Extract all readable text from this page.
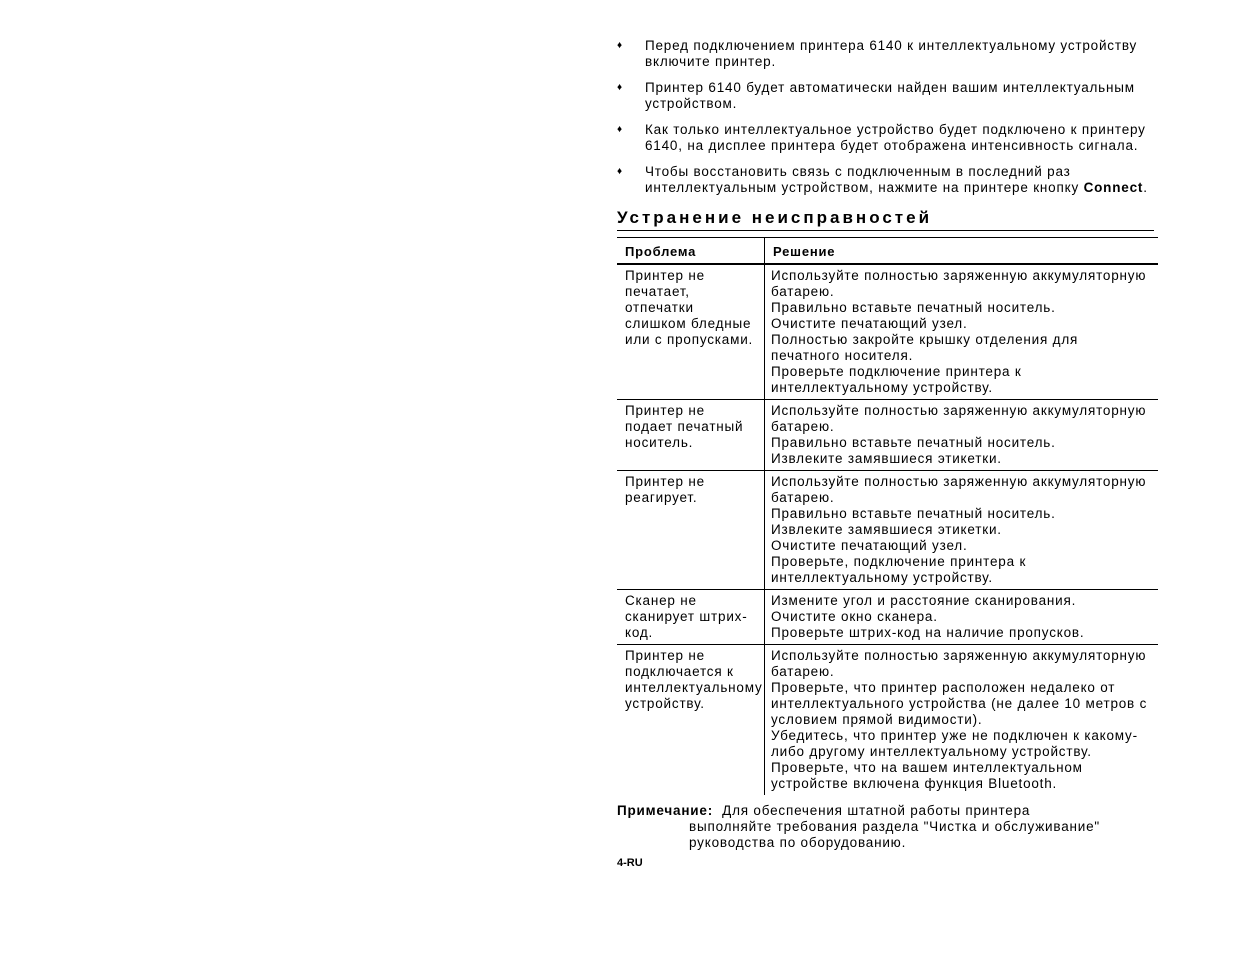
♦ Перед подключением принтера 6140 к интеллектуальному устройству включите принтер.
♦ Принтер 6140 будет автоматически найден вашим интеллектуальным устройством.
♦ Как только интеллектуальное устройство будет подключено к принтеру 6140, на дисплее принтера будет отображена интенсивность сигнала.
♦ Чтобы восстановить связь с подключенным в последний раз интеллектуальным устройством, нажмите на принтере кнопку Connect.
Устранение неисправностей
Проблема	Решение
Принтер не печатает, отпечатки слишком бледные или с пропусками.	Используйте полностью заряженную аккумуляторную батарею.
Правильно вставьте печатный носитель.
Очистите печатающий узел.
Полностью закройте крышку отделения для печатного носителя.
Проверьте подключение принтера к интеллектуальному устройству.

Принтер не подает печатный носитель.	Используйте полностью заряженную аккумуляторную батарею.
Правильно вставьте печатный носитель.
Извлеките замявшиеся этикетки.

Принтер не реагирует.	Используйте полностью заряженную аккумуляторную батарею.
Правильно вставьте печатный носитель.
Извлеките замявшиеся этикетки.
Очистите печатающий узел.
Проверьте, подключение принтера к интеллектуальному устройству.

Сканер не сканирует штрих-код.	Измените угол и расстояние сканирования.
Очистите окно сканера.
Проверьте штрих-код на наличие пропусков.

Принтер не подключается к интеллектуальному устройству.	Используйте полностью заряженную аккумуляторную батарею.
Проверьте, что принтер расположен недалеко от интеллектуального устройства (не далее 10 метров с условием прямой видимости).
Убедитесь, что принтер уже не подключен к какому-либо другому интеллектуальному устройству.
Проверьте, что на вашем интеллектуальном устройстве включена функция Bluetooth.
Примечание: Для обеспечения штатной работы принтера
выполняйте требования раздела "Чистка и обслуживание" руководства по оборудованию.
4-RU
